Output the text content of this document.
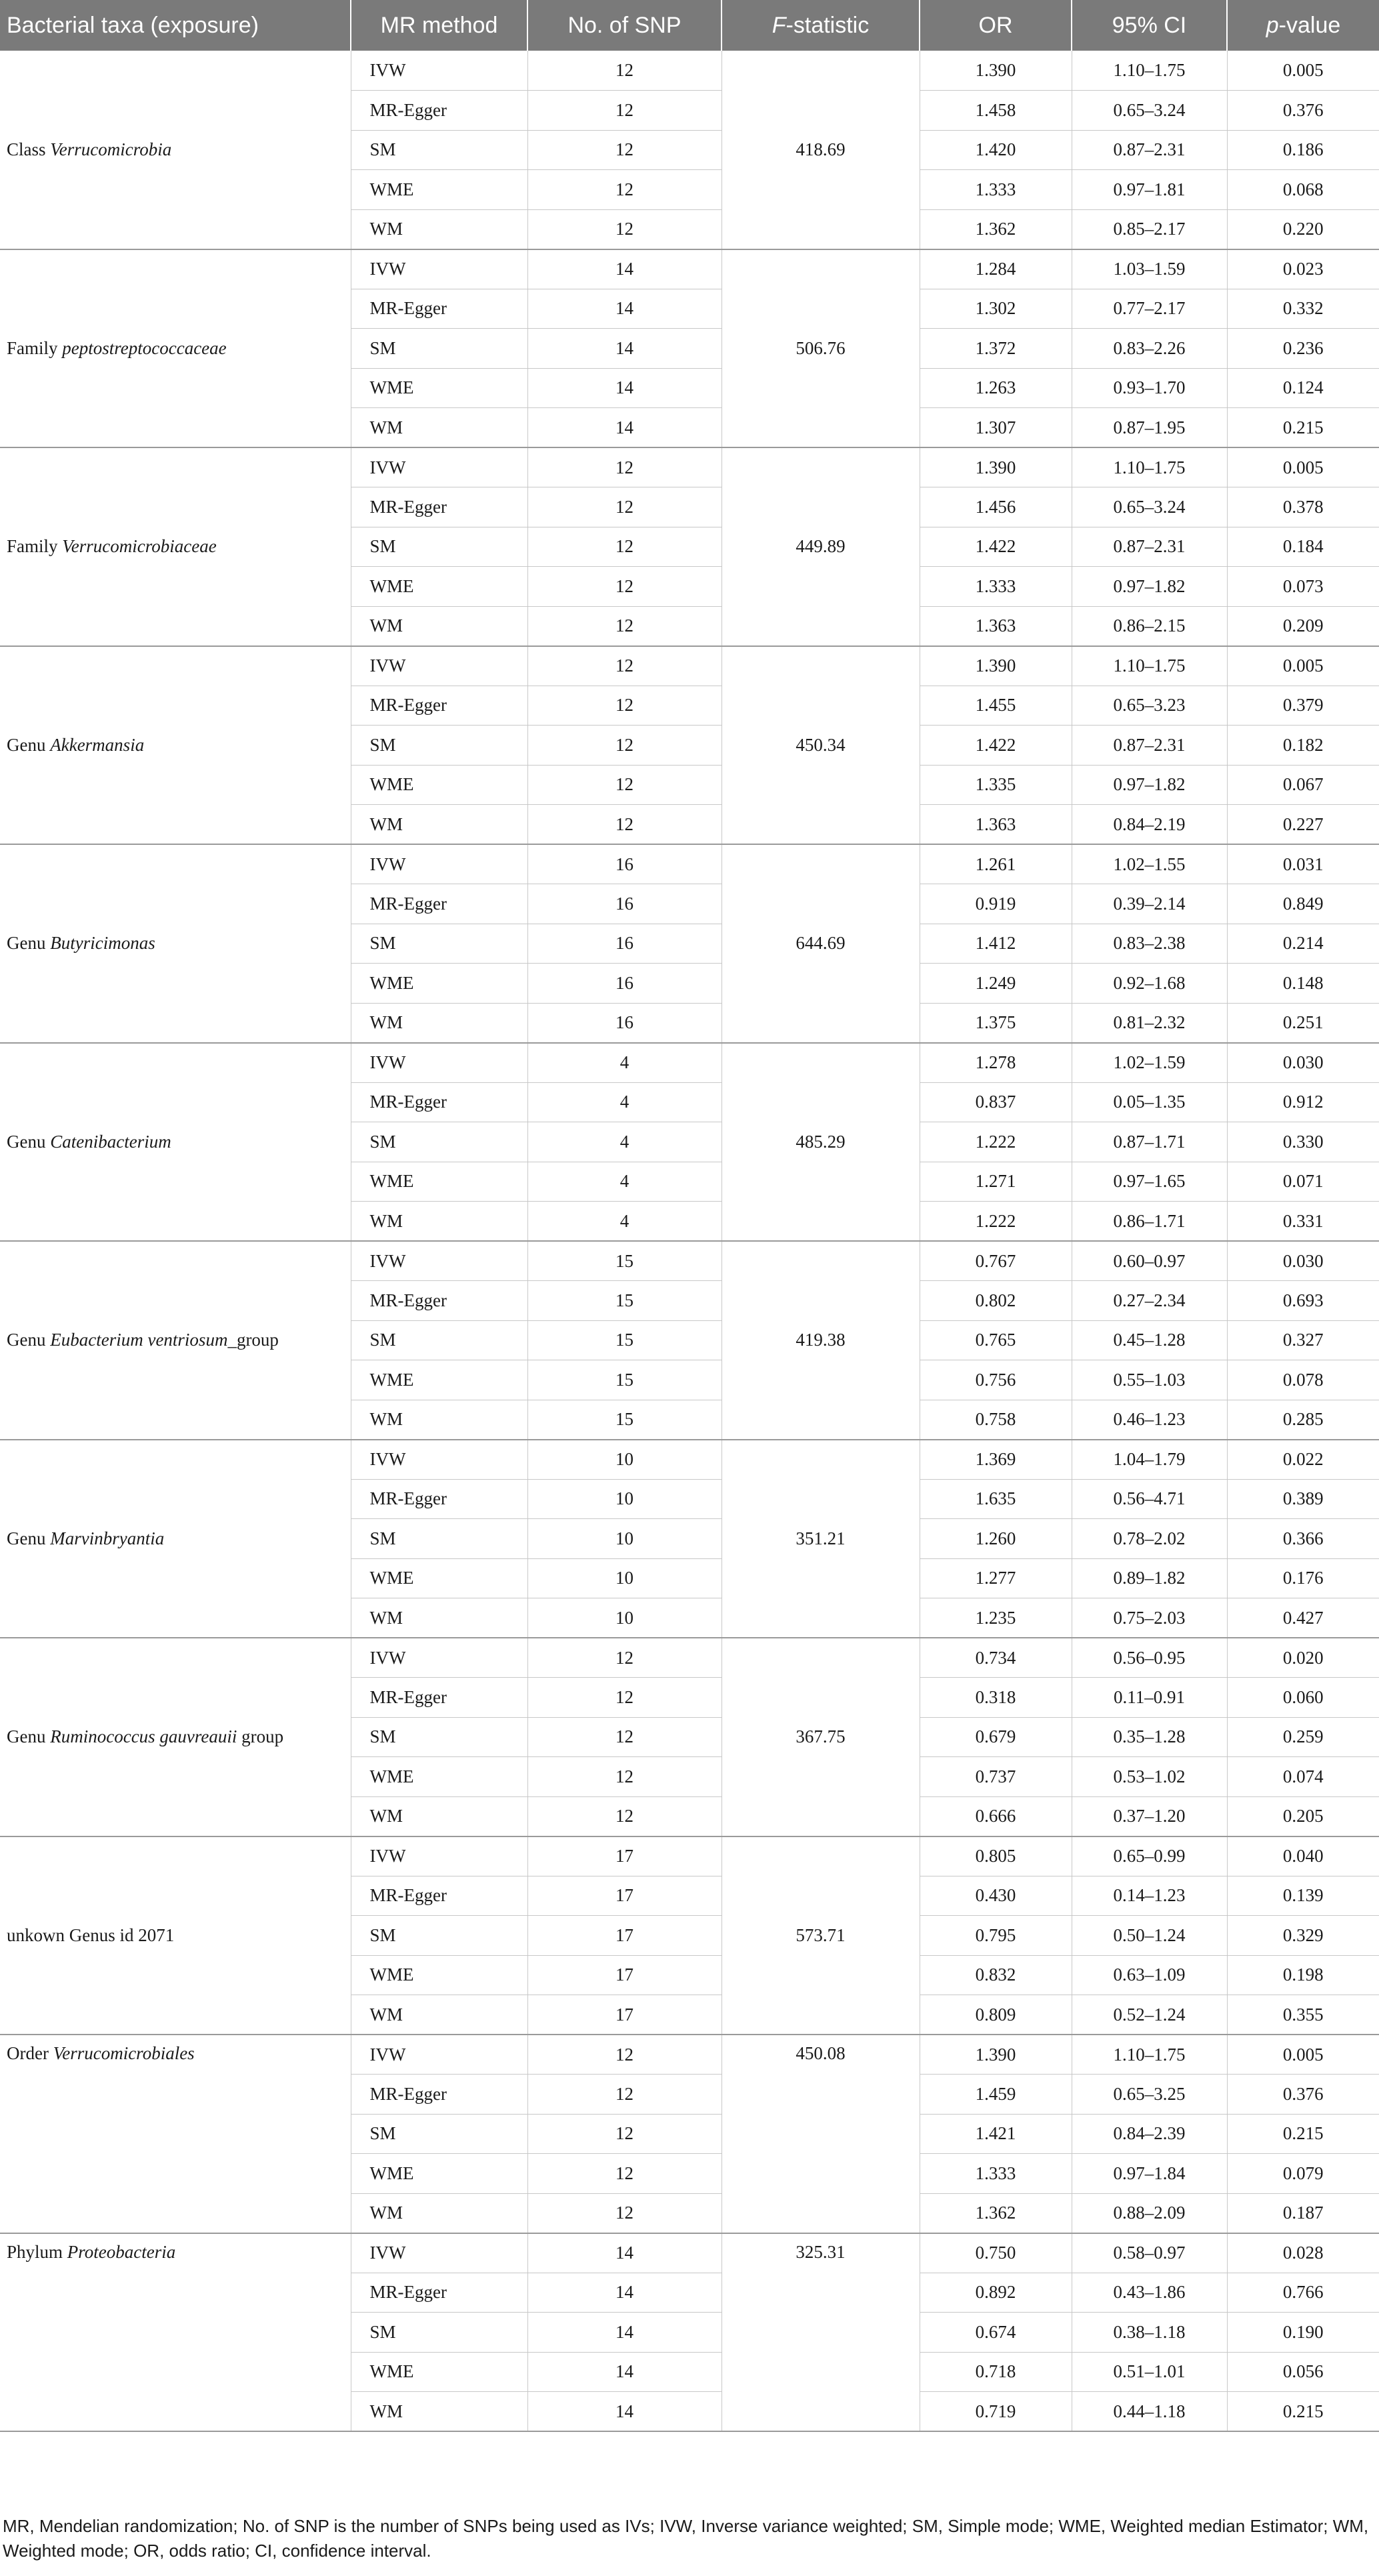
Bacterial taxa (exposure)	MR method	No. of SNP	F-statistic	OR	95% CI	p-value
Class Verrucomicrobia	IVW	12	418.69	1.390	1.10–1.75	0.005
	MR-Egger	12		1.458	0.65–3.24	0.376
	SM	12		1.420	0.87–2.31	0.186
	WME	12		1.333	0.97–1.81	0.068
	WM	12		1.362	0.85–2.17	0.220
Family peptostreptococcaceae	IVW	14	506.76	1.284	1.03–1.59	0.023
	MR-Egger	14		1.302	0.77–2.17	0.332
	SM	14		1.372	0.83–2.26	0.236
	WME	14		1.263	0.93–1.70	0.124
	WM	14		1.307	0.87–1.95	0.215
Family Verrucomicrobiaceae	IVW	12	449.89	1.390	1.10–1.75	0.005
	MR-Egger	12		1.456	0.65–3.24	0.378
	SM	12		1.422	0.87–2.31	0.184
	WME	12		1.333	0.97–1.82	0.073
	WM	12		1.363	0.86–2.15	0.209
Genu Akkermansia	IVW	12	450.34	1.390	1.10–1.75	0.005
	MR-Egger	12		1.455	0.65–3.23	0.379
	SM	12		1.422	0.87–2.31	0.182
	WME	12		1.335	0.97–1.82	0.067
	WM	12		1.363	0.84–2.19	0.227
Genu Butyricimonas	IVW	16	644.69	1.261	1.02–1.55	0.031
	MR-Egger	16		0.919	0.39–2.14	0.849
	SM	16		1.412	0.83–2.38	0.214
	WME	16		1.249	0.92–1.68	0.148
	WM	16		1.375	0.81–2.32	0.251
Genu Catenibacterium	IVW	4	485.29	1.278	1.02–1.59	0.030
	MR-Egger	4		0.837	0.05–1.35	0.912
	SM	4		1.222	0.87–1.71	0.330
	WME	4		1.271	0.97–1.65	0.071
	WM	4		1.222	0.86–1.71	0.331
Genu Eubacterium ventriosum_group	IVW	15	419.38	0.767	0.60–0.97	0.030
	MR-Egger	15		0.802	0.27–2.34	0.693
	SM	15		0.765	0.45–1.28	0.327
	WME	15		0.756	0.55–1.03	0.078
	WM	15		0.758	0.46–1.23	0.285
Genu Marvinbryantia	IVW	10	351.21	1.369	1.04–1.79	0.022
	MR-Egger	10		1.635	0.56–4.71	0.389
	SM	10		1.260	0.78–2.02	0.366
	WME	10		1.277	0.89–1.82	0.176
	WM	10		1.235	0.75–2.03	0.427
Genu Ruminococcus gauvreauii group	IVW	12	367.75	0.734	0.56–0.95	0.020
	MR-Egger	12		0.318	0.11–0.91	0.060
	SM	12		0.679	0.35–1.28	0.259
	WME	12		0.737	0.53–1.02	0.074
	WM	12		0.666	0.37–1.20	0.205
unkown Genus id 2071	IVW	17	573.71	0.805	0.65–0.99	0.040
	MR-Egger	17		0.430	0.14–1.23	0.139
	SM	17		0.795	0.50–1.24	0.329
	WME	17		0.832	0.63–1.09	0.198
	WM	17		0.809	0.52–1.24	0.355
Order Verrucomicrobiales	IVW	12	450.08	1.390	1.10–1.75	0.005
	MR-Egger	12		1.459	0.65–3.25	0.376
	SM	12		1.421	0.84–2.39	0.215
	WME	12		1.333	0.97–1.84	0.079
	WM	12		1.362	0.88–2.09	0.187
Phylum Proteobacteria	IVW	14	325.31	0.750	0.58–0.97	0.028
	MR-Egger	14		0.892	0.43–1.86	0.766
	SM	14		0.674	0.38–1.18	0.190
	WME	14		0.718	0.51–1.01	0.056
	WM	14		0.719	0.44–1.18	0.215
MR, Mendelian randomization; No. of SNP is the number of SNPs being used as IVs; IVW, Inverse variance weighted; SM, Simple mode; WME, Weighted median Estimator; WM, Weighted mode; OR, odds ratio; CI, confidence interval.
